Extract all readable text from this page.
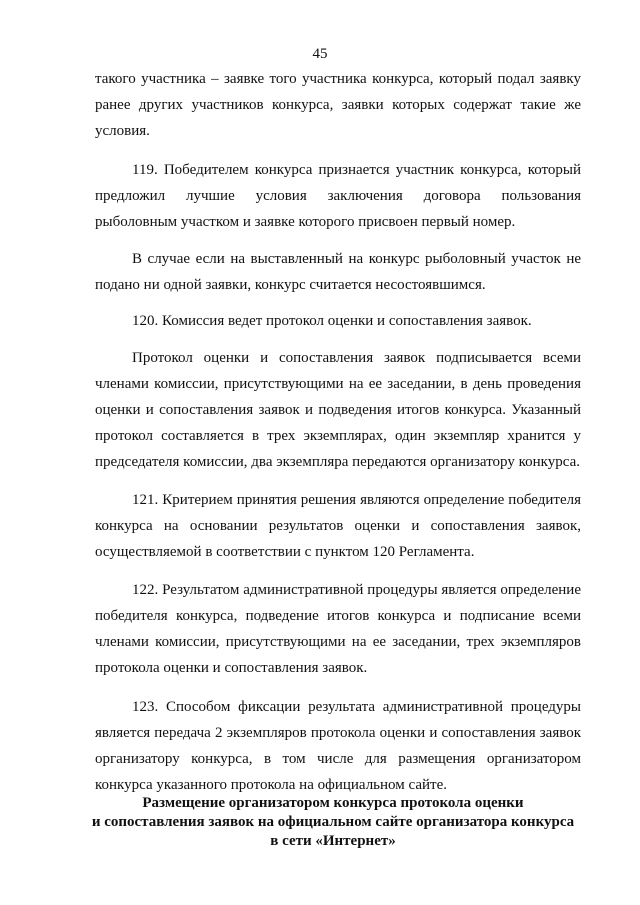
45

такого участника – заявке того участника конкурса, который подал заявку ранее других участников конкурса, заявки которых содержат такие же условия.

119. Победителем конкурса признается участник конкурса, который предложил лучшие условия заключения договора пользования рыболовным участком и заявке которого присвоен первый номер.

В случае если на выставленный на конкурс рыболовный участок не подано ни одной заявки, конкурс считается несостоявшимся.

120. Комиссия ведет протокол оценки и сопоставления заявок.

Протокол оценки и сопоставления заявок подписывается всеми членами комиссии, присутствующими на ее заседании, в день проведения оценки и сопоставления заявок и подведения итогов конкурса. Указанный протокол составляется в трех экземплярах, один экземпляр хранится у председателя комиссии, два экземпляра передаются организатору конкурса.

121. Критерием принятия решения являются определение победителя конкурса на основании результатов оценки и сопоставления заявок, осуществляемой в соответствии с пунктом 120 Регламента.

122. Результатом административной процедуры является определение победителя конкурса, подведение итогов конкурса и подписание всеми членами комиссии, присутствующими на ее заседании, трех экземпляров протокола оценки и сопоставления заявок.

123. Способом фиксации результата административной процедуры является передача 2 экземпляров протокола оценки и сопоставления заявок организатору конкурса, в том числе для размещения организатором конкурса указанного протокола на официальном сайте.

Размещение организатором конкурса протокола оценки
и сопоставления заявок на официальном сайте организатора конкурса
в сети «Интернет»
